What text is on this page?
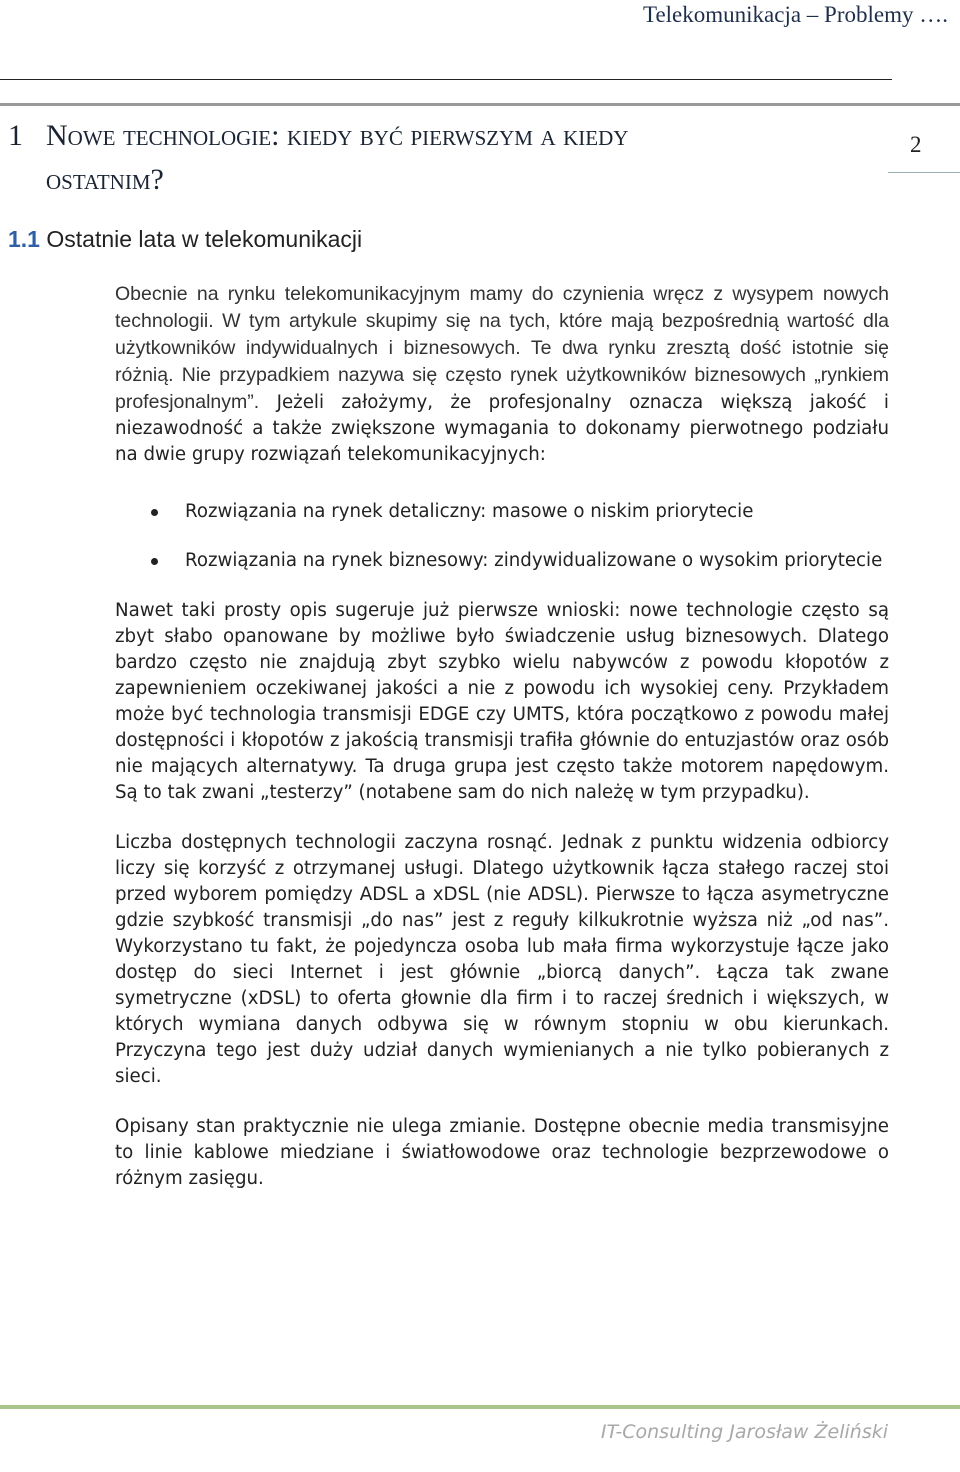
Telekomunikacja – Problemy ….
2
1 Nowe technologie: kiedy być pierwszym a kiedy
ostatnim?
1.1 Ostatnie lata w telekomunikacji

Obecnie na rynku telekomunikacyjnym mamy do czynienia wręcz z wysypem nowych technologii. W tym artykule skupimy się na tych, które mają bezpośrednią wartość dla użytkowników indywidualnych i biznesowych. Te dwa rynku zresztą dość istotnie się różnią. Nie przypadkiem nazywa się często rynek użytkowników biznesowych „rynkiem profesjonalnym”. Jeżeli założymy, że profesjonalny oznacza większą jakość i niezawodność a także zwiększone wymagania to dokonamy pierwotnego podziału na dwie grupy rozwiązań telekomunikacyjnych:

Rozwiązania na rynek detaliczny: masowe o niskim priorytecie
Rozwiązania na rynek biznesowy: zindywidualizowane o wysokim priorytecie

Nawet taki prosty opis sugeruje już pierwsze wnioski: nowe technologie często są zbyt słabo opanowane by możliwe było świadczenie usług biznesowych. Dlatego bardzo często nie znajdują zbyt szybko wielu nabywców z powodu kłopotów z zapewnieniem oczekiwanej jakości a nie z powodu ich wysokiej ceny. Przykładem może być technologia transmisji EDGE czy UMTS, która początkowo z powodu małej dostępności i kłopotów z jakością transmisji trafiła głównie do entuzjastów oraz osób nie mających alternatywy. Ta druga grupa jest często także motorem napędowym. Są to tak zwani „testerzy” (notabene sam do nich należę w tym przypadku).

Liczba dostępnych technologii zaczyna rosnąć. Jednak z punktu widzenia odbiorcy liczy się korzyść z otrzymanej usługi. Dlatego użytkownik łącza stałego raczej stoi przed wyborem pomiędzy ADSL a xDSL (nie ADSL). Pierwsze to łącza asymetryczne gdzie szybkość transmisji „do nas” jest z reguły kilkukrotnie wyższa niż „od nas”. Wykorzystano tu fakt, że pojedyncza osoba lub mała firma wykorzystuje łącze jako dostęp do sieci Internet i jest głównie „biorcą danych”. Łącza tak zwane symetryczne (xDSL) to oferta głownie dla firm i to raczej średnich i większych, w których wymiana danych odbywa się w równym stopniu w obu kierunkach. Przyczyna tego jest duży udział danych wymienianych a nie tylko pobieranych z sieci.

Opisany stan praktycznie nie ulega zmianie. Dostępne obecnie media transmisyjne to linie kablowe miedziane i światłowodowe oraz technologie bezprzewodowe o różnym zasięgu.

IT-Consulting Jarosław Żeliński
